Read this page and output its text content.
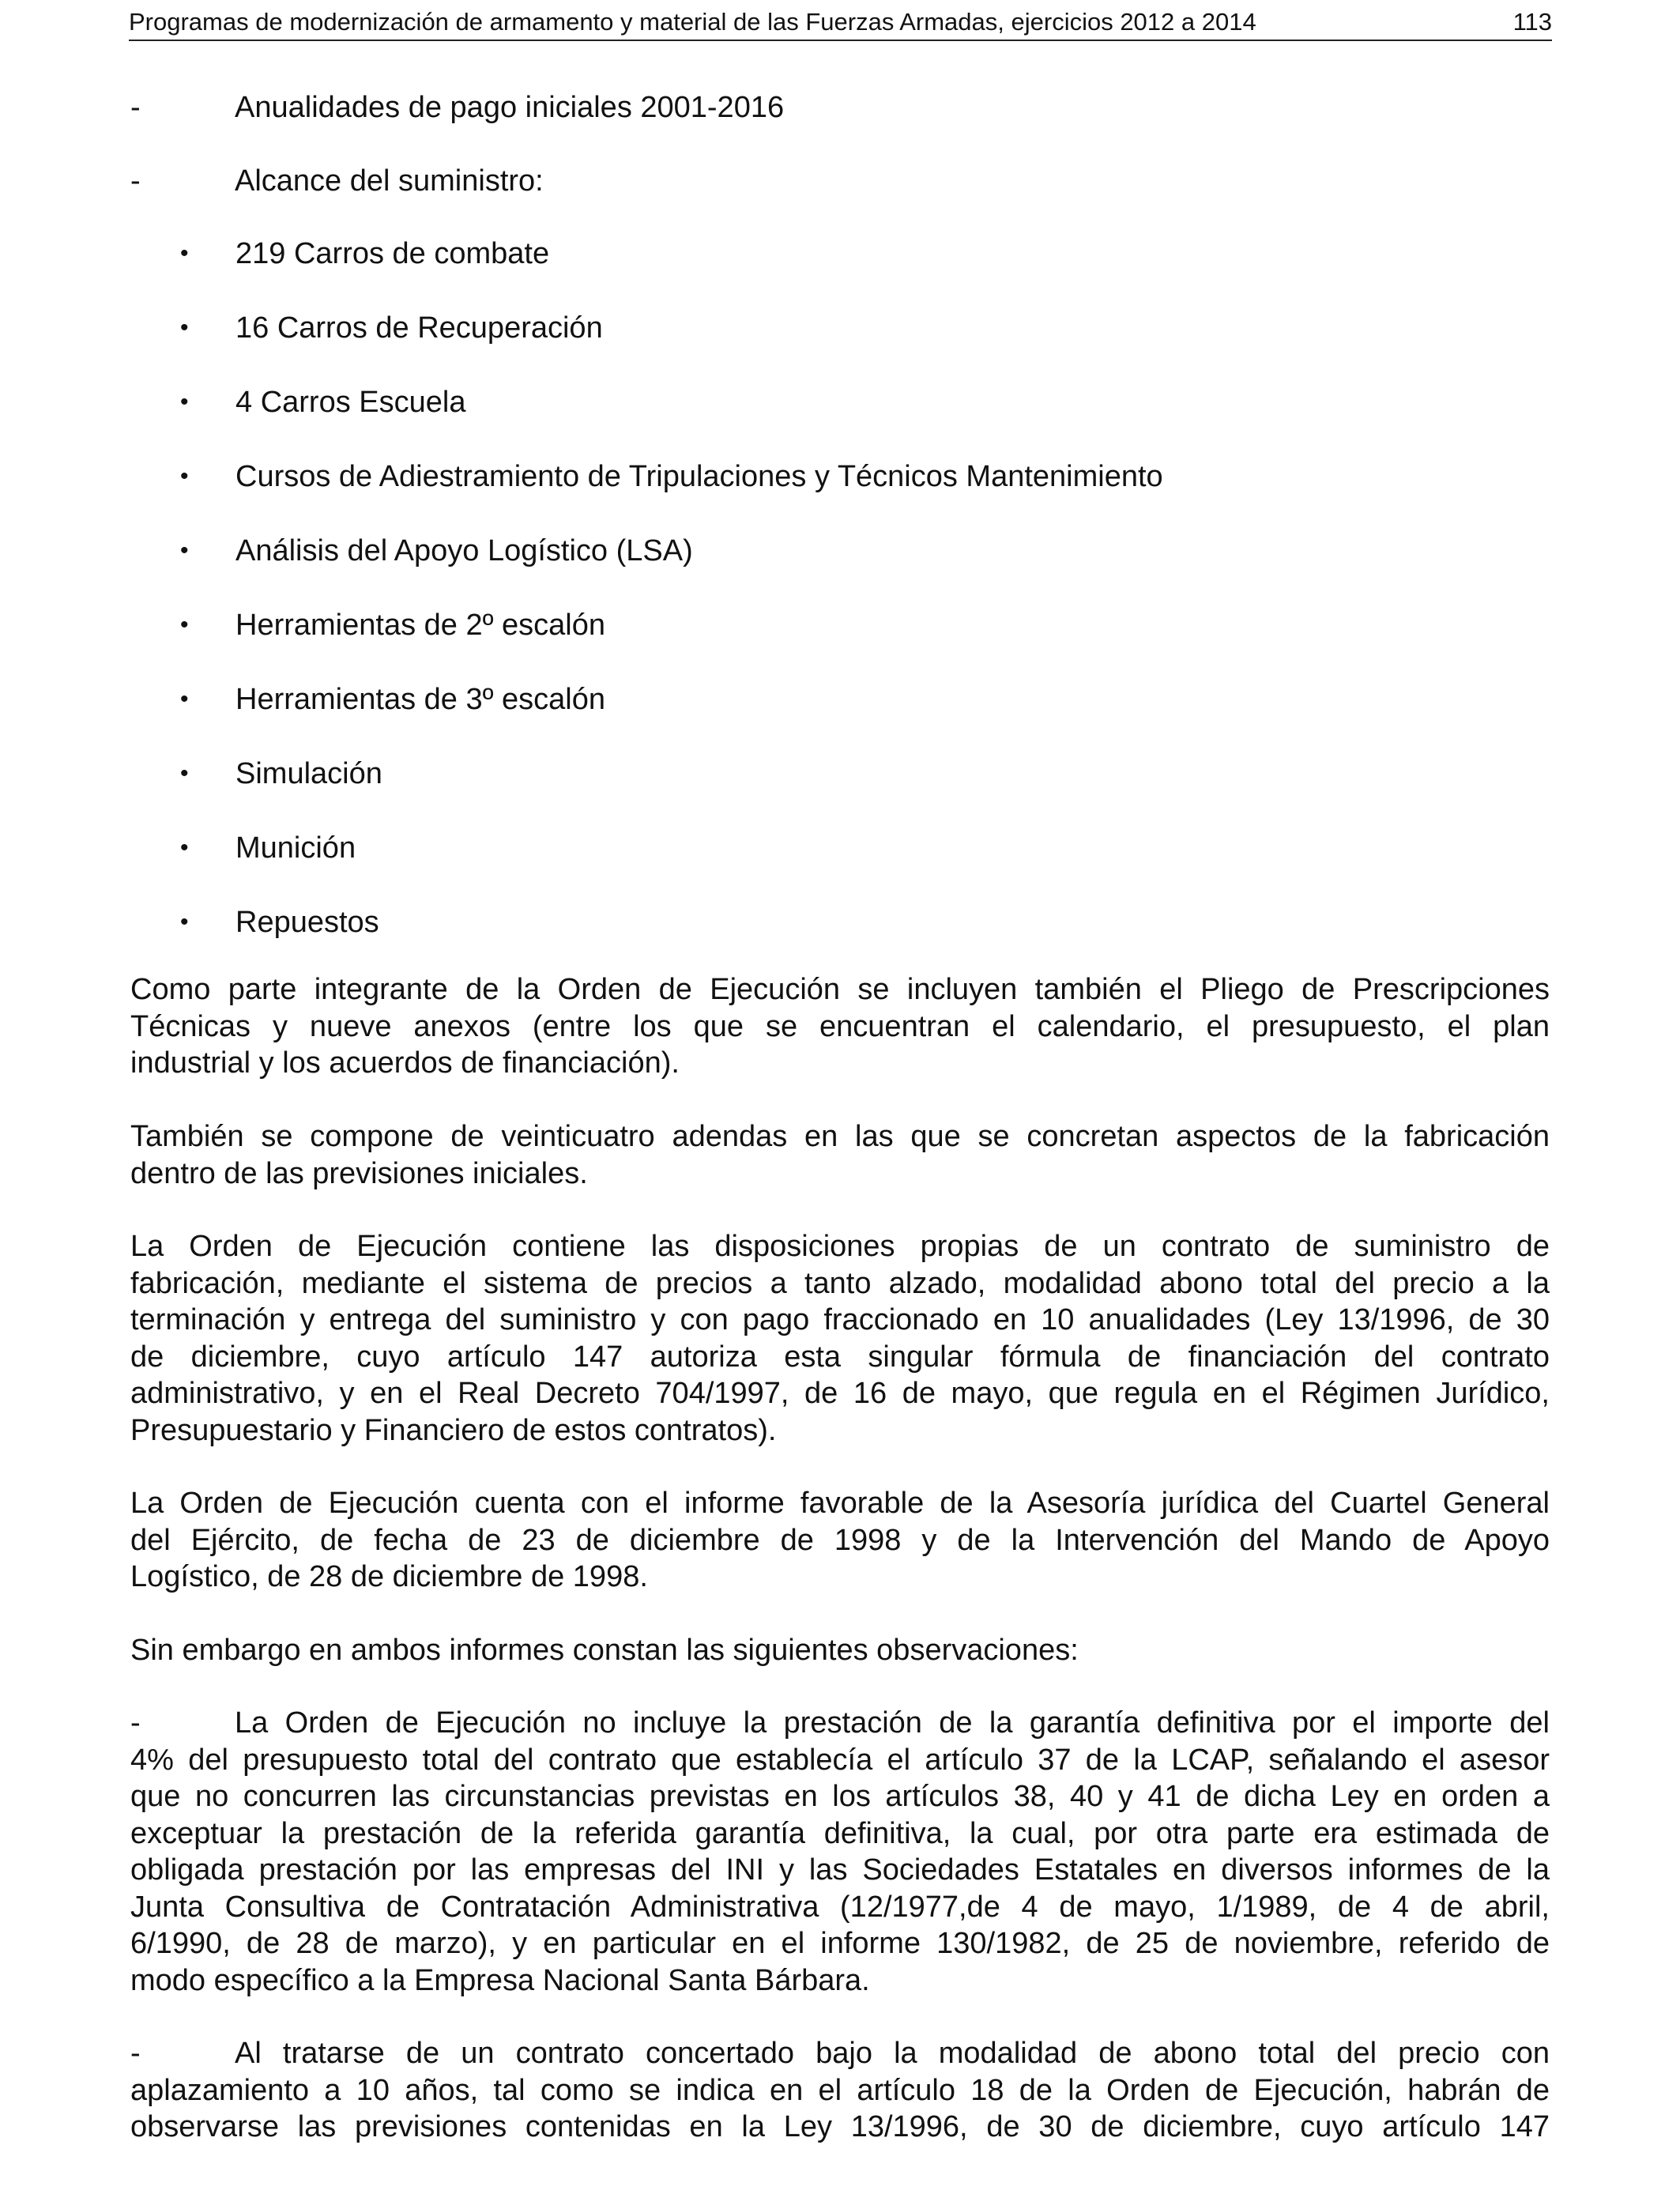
Programas de modernización de armamento y material de las Fuerzas Armadas, ejercicios 2012 a 2014	113
-	Anualidades de pago iniciales 2001-2016
-	Alcance del suministro:
• 219 Carros de combate
• 16 Carros de Recuperación
• 4 Carros Escuela
• Cursos de Adiestramiento de Tripulaciones y Técnicos Mantenimiento
• Análisis del Apoyo Logístico (LSA)
• Herramientas de 2º escalón
• Herramientas de 3º escalón
• Simulación
• Munición
• Repuestos
Como parte integrante de la Orden de Ejecución se incluyen también el Pliego de Prescripciones
Técnicas y nueve anexos (entre los que se encuentran el calendario, el presupuesto, el plan
industrial y los acuerdos de financiación).
También se compone de veinticuatro adendas en las que se concretan aspectos de la fabricación
dentro de las previsiones iniciales.
La Orden de Ejecución contiene las disposiciones propias de un contrato de suministro de
fabricación, mediante el sistema de precios a tanto alzado, modalidad abono total del precio a la
terminación y entrega del suministro y con pago fraccionado en 10 anualidades (Ley 13/1996, de 30
de diciembre, cuyo artículo 147 autoriza esta singular fórmula de financiación del contrato
administrativo, y en el Real Decreto 704/1997, de 16 de mayo, que regula en el Régimen Jurídico,
Presupuestario y Financiero de estos contratos).
La Orden de Ejecución cuenta con el informe favorable de la Asesoría jurídica del Cuartel General
del Ejército, de fecha de 23 de diciembre de 1998 y de la Intervención del Mando de Apoyo
Logístico, de 28 de diciembre de 1998.
Sin embargo en ambos informes constan las siguientes observaciones:
-	La Orden de Ejecución no incluye la prestación de la garantía definitiva por el importe del
4% del presupuesto total del contrato que establecía el artículo 37 de la LCAP, señalando el asesor
que no concurren las circunstancias previstas en los artículos 38, 40 y 41 de dicha Ley en orden a
exceptuar la prestación de la referida garantía definitiva, la cual, por otra parte era estimada de
obligada prestación por las empresas del INI y las Sociedades Estatales en diversos informes de la
Junta Consultiva de Contratación Administrativa (12/1977,de 4 de mayo, 1/1989, de 4 de abril,
6/1990, de 28 de marzo), y en particular en el informe 130/1982, de 25 de noviembre, referido de
modo específico a la Empresa Nacional Santa Bárbara.
-	Al tratarse de un contrato concertado bajo la modalidad de abono total del precio con
aplazamiento a 10 años, tal como se indica en el artículo 18 de la Orden de Ejecución, habrán de
observarse las previsiones contenidas en la Ley 13/1996, de 30 de diciembre, cuyo artículo 147
